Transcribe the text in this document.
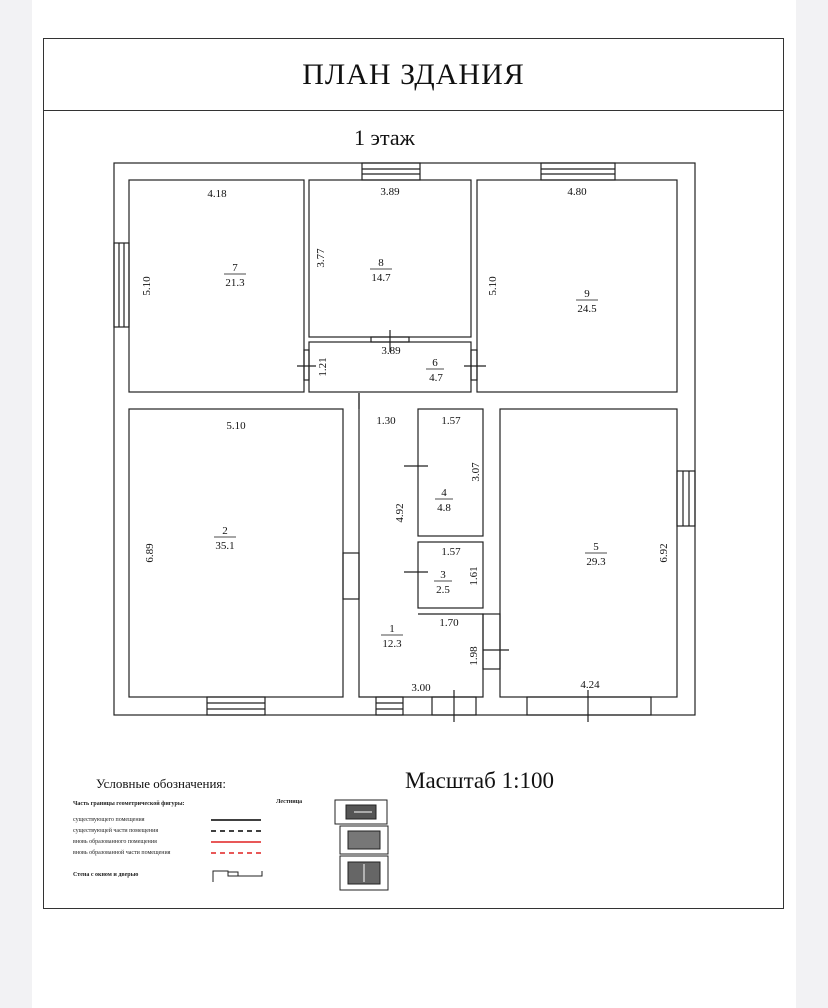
ПЛАН ЗДАНИЯ
1 этаж
4.18
5.10
7
21.3
3.89
3.77	8
14.7
4.80
5.10	9
24.5
3.89
1.21	6
4.7
5.10
6.89
2
35.1
1.57
3.07
4
4.8
1.57
1.61
3
2.5
1.30
4.92
1.70
1.98
3.00
1
12.3
4.24
6.92
5
29.3
Масштаб 1:100
Условные обозначения:
Часть границы геометрической фигуры:
существующего помещения
существующей части помещения
вновь образованного помещения
вновь образованной части помещения
Стена с окном и дверью
Лестница
